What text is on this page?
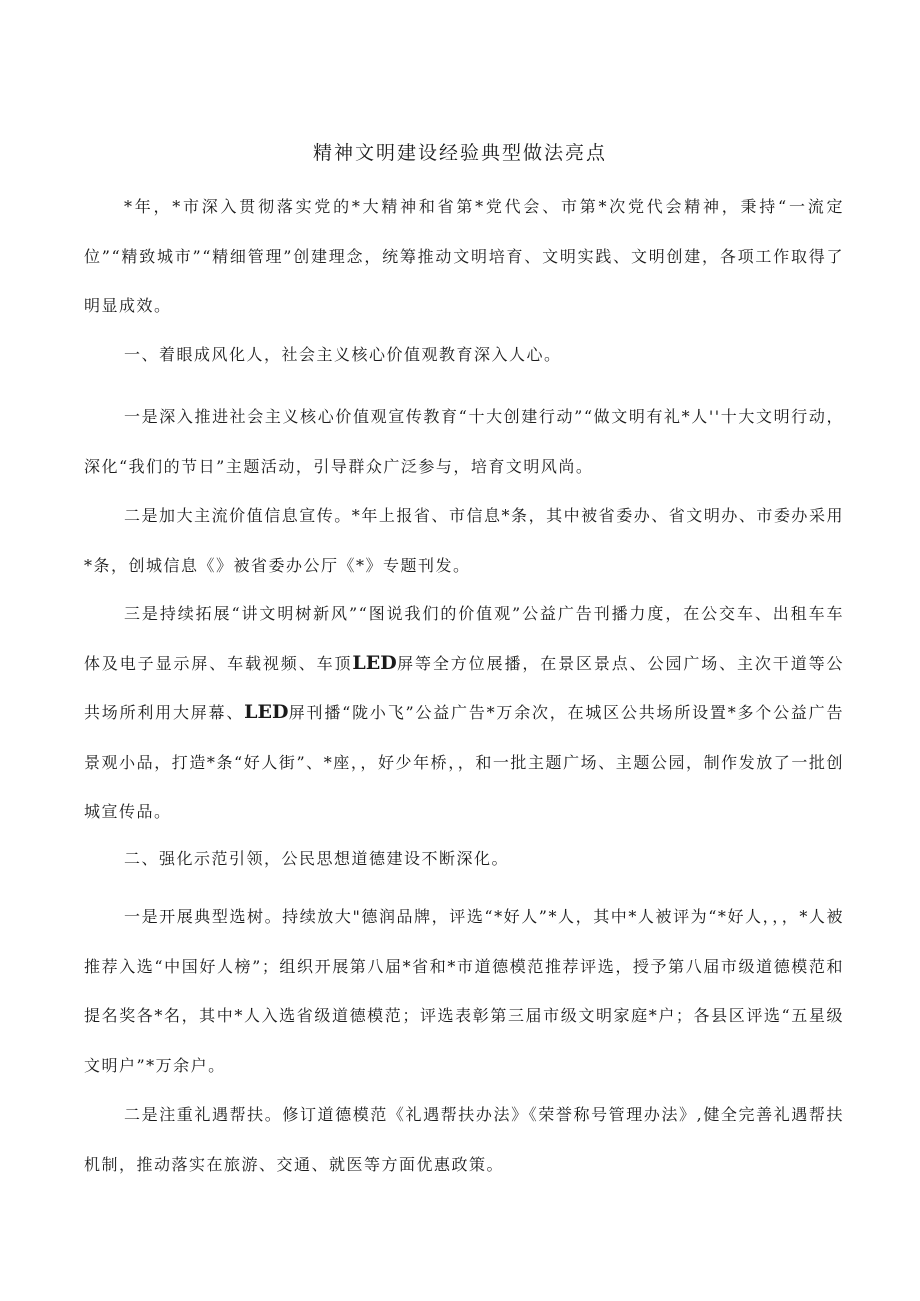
精神文明建设经验典型做法亮点

*年，*市深入贯彻落实党的*大精神和省第*党代会、市第*次党代会精神，秉持“一流定位”“精致城市”“精细管理”创建理念，统筹推动文明培育、文明实践、文明创建，各项工作取得了明显成效。

一、着眼成风化人，社会主义核心价值观教育深入人心。

一是深入推进社会主义核心价值观宣传教育“十大创建行动”“做文明有礼*人''十大文明行动，深化“我们的节日”主题活动，引导群众广泛参与，培育文明风尚。

二是加大主流价值信息宣传。*年上报省、市信息*条，其中被省委办、省文明办、市委办采用*条，创城信息《》被省委办公厅《*》专题刊发。

三是持续拓展“讲文明树新风”“图说我们的价值观”公益广告刊播力度，在公交车、出租车车体及电子显示屏、车载视频、车顶LED屏等全方位展播，在景区景点、公园广场、主次干道等公共场所利用大屏幕、LED屏刊播“陇小飞”公益广告*万余次，在城区公共场所设置*多个公益广告景观小品，打造*条“好人街”、*座，，好少年桥，，和一批主题广场、主题公园，制作发放了一批创城宣传品。

二、强化示范引领，公民思想道德建设不断深化。

一是开展典型选树。持续放大"德润品牌，评选“*好人”*人，其中*人被评为“*好人，，，*人被推荐入选“中国好人榜”；组织开展第八届*省和*市道德模范推荐评选，授予第八届市级道德模范和提名奖各*名，其中*人入选省级道德模范；评选表彰第三届市级文明家庭*户；各县区评选“五星级文明户”*万余户。

二是注重礼遇帮扶。修订道德模范《礼遇帮扶办法》《荣誉称号管理办法》,健全完善礼遇帮扶机制，推动落实在旅游、交通、就医等方面优惠政策。
